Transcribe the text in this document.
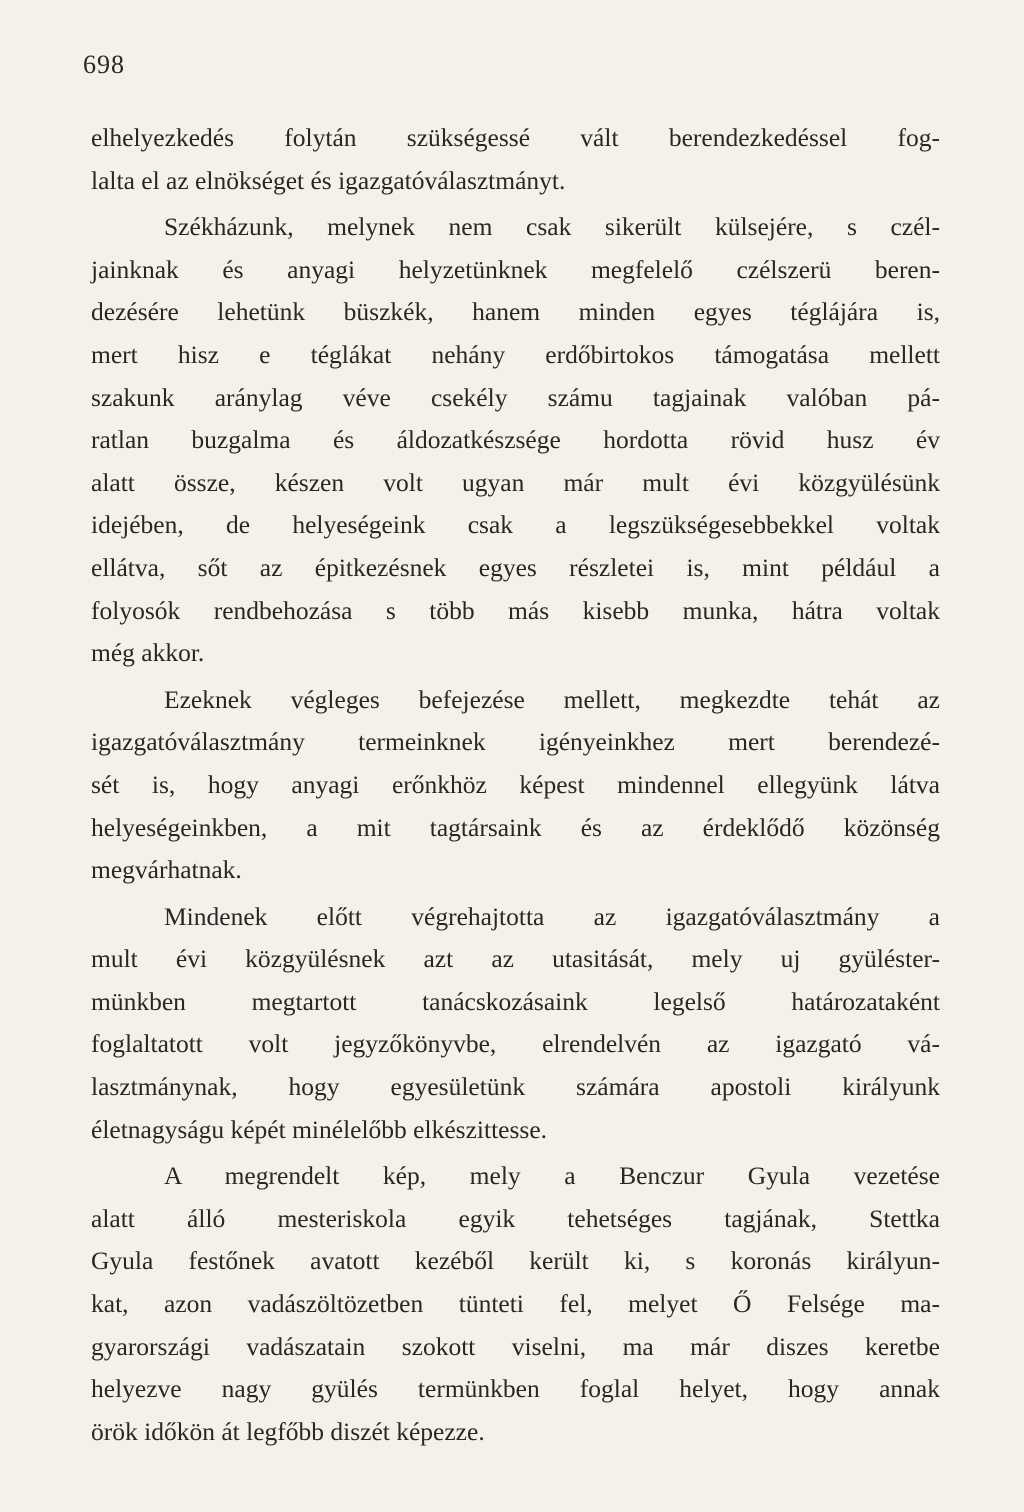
698
elhelyezkedés folytán szükségessé vált berendezkedéssel fog-
lalta el az elnökséget és igazgatóválasztmányt.
Székházunk, melynek nem csak sikerült külsejére, s czél-
jainknak és anyagi helyzetünknek megfelelő czélszerü beren-
dezésére lehetünk büszkék, hanem minden egyes téglájára is,
mert hisz e téglákat nehány erdőbirtokos támogatása mellett
szakunk aránylag véve csekély számu tagjainak valóban pá-
ratlan buzgalma és áldozatkészsége hordotta rövid husz év
alatt össze, készen volt ugyan már mult évi közgyülésünk
idejében, de helyeségeink csak a legszükségesebbekkel voltak
ellátva, sőt az épitkezésnek egyes részletei is, mint például a
folyosók rendbehozása s több más kisebb munka, hátra voltak
még akkor.
Ezeknek végleges befejezése mellett, megkezdte tehát az
igazgatóválasztmány termeinknek igényeinkhez mert berendezé-
sét is, hogy anyagi erőnkhöz képest mindennel ellegyünk látva
helyeségeinkben, a mit tagtársaink és az érdeklődő közönség
megvárhatnak.
Mindenek előtt végrehajtotta az igazgatóválasztmány a
mult évi közgyülésnek azt az utasitását, mely uj gyüléster-
münkben megtartott tanácskozásaink legelső határozataként
foglaltatott volt jegyzőkönyvbe, elrendelvén az igazgató vá-
lasztmánynak, hogy egyesületünk számára apostoli királyunk
életnagyságu képét minélelőbb elkészittesse.
A megrendelt kép, mely a Benczur Gyula vezetése
alatt álló mesteriskola egyik tehetséges tagjának, Stettka
Gyula festőnek avatott kezéből került ki, s koronás királyun-
kat, azon vadászöltözetben tünteti fel, melyet Ő Felsége ma-
gyarországi vadászatain szokott viselni, ma már diszes keretbe
helyezve nagy gyülés termünkben foglal helyet, hogy annak
örök időkön át legfőbb diszét képezze.
